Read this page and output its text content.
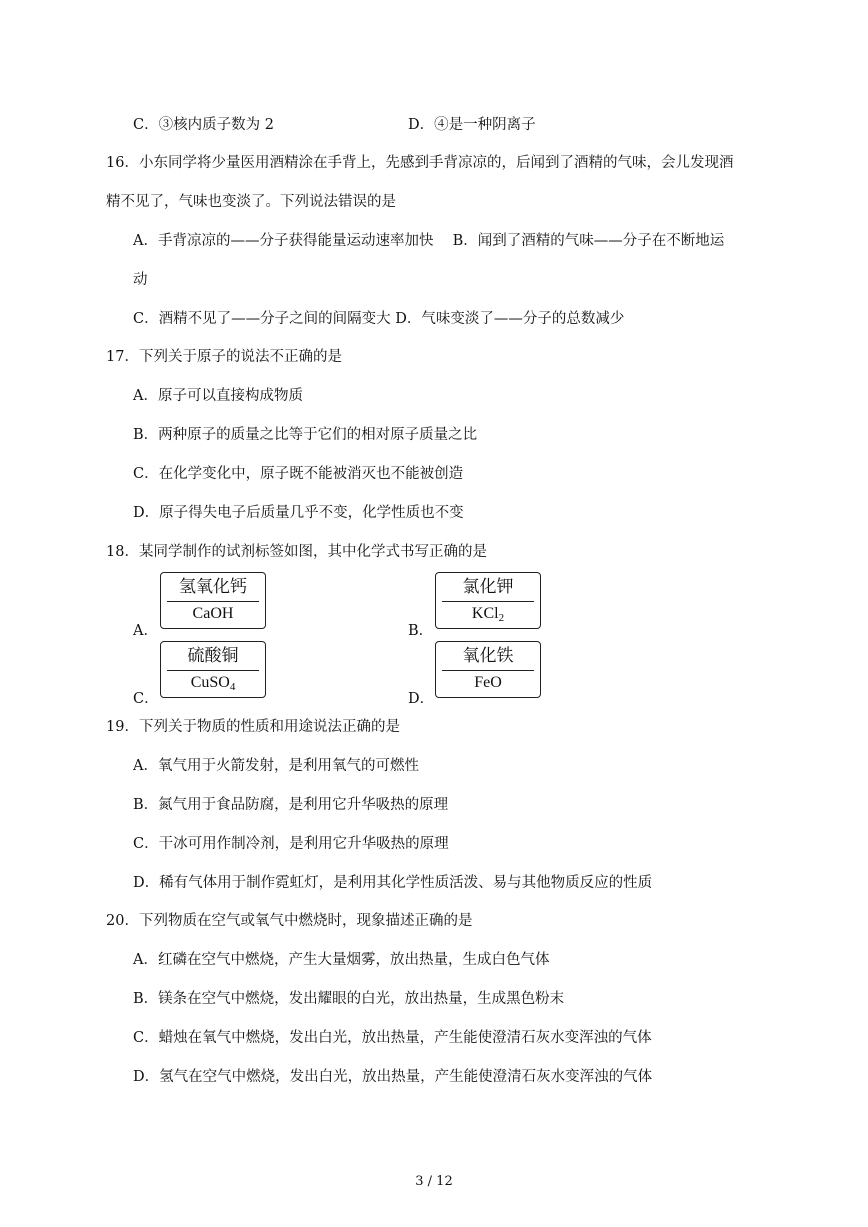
C．③核内质子数为 2	D．④是一种阴离子
16．小东同学将少量医用酒精涂在手背上，先感到手背凉凉的，后闻到了酒精的气味，会儿发现酒
精不见了，气味也变淡了。下列说法错误的是
A．手背凉凉的——分子获得能量运动速率加快　 B．闻到了酒精的气味——分子在不断地运
动
C．酒精不见了——分子之间的间隔变大 D．气味变淡了——分子的总数减少
17．下列关于原子的说法不正确的是
A．原子可以直接构成物质
B．两种原子的质量之比等于它们的相对原子质量之比
C．在化学变化中，原子既不能被消灭也不能被创造
D．原子得失电子后质量几乎不变，化学性质也不变
18．某同学制作的试剂标签如图，其中化学式书写正确的是
A．
氢氧化钙
CaOH
B．
氯化钾
KCl$_2$
C．
硫酸铜
CuSO$_4$
D．
氧化铁
FeO
19．下列关于物质的性质和用途说法正确的是
A．氧气用于火箭发射，是利用氧气的可燃性
B．氮气用于食品防腐，是利用它升华吸热的原理
C．干冰可用作制冷剂，是利用它升华吸热的原理
D．稀有气体用于制作霓虹灯，是利用其化学性质活泼、易与其他物质反应的性质
20．下列物质在空气或氧气中燃烧时，现象描述正确的是
A．红磷在空气中燃烧，产生大量烟雾，放出热量，生成白色气体
B．镁条在空气中燃烧，发出耀眼的白光，放出热量，生成黑色粉末
C．蜡烛在氧气中燃烧，发出白光，放出热量，产生能使澄清石灰水变浑浊的气体
D．氢气在空气中燃烧，发出白光，放出热量，产生能使澄清石灰水变浑浊的气体
3 / 12
